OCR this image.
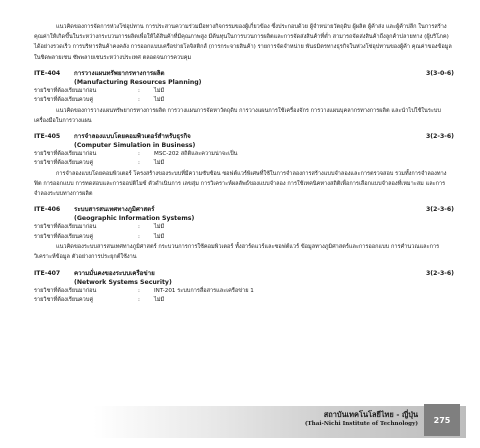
แนวคิดของการจัดการห่วงโซ่อุปทาน การประสานความร่วมมือทางกิจกรรมของผู้เกี่ยวข้อง ซึ่งประกอบด้วย ผู้จำหน่ายวัตถุดิบ ผู้ผลิต ผู้ค้าส่ง และผู้ค้าปลีก ในการสร้างคุณค่าให้เกิดขึ้นในระหว่างกระบวนการผลิตเพื่อให้ได้สินค้าที่มีคุณภาพสูง มีต้นทุนในการบวนการผลิตและการจัดส่งสินค้าที่ต่ำ สามารถจัดส่งสินค้าถึงลูกค้าปลายทาง (ผู้บริโภค) ได้อย่างรวดเร็ว การบริหารสินค้าคงคลัง การออกแบบเครือข่ายโลจิสติกส์ (การกระจายสินค้า) รายการจัดจำหน่าย พันธมิตรทางธุรกิจในห่วงโซ่อุปทานของผู้ค้า คุณค่าของข้อมูลในชิดพลายเชน ซัพพลายเชนระหว่างประเทศ ตลอดจนการควบคุม

ITE-404	การวางแผนทรัพยากรทางการผลิต	3(3-0-6)
(Manufacturing Resources Planning)
รายวิชาที่ต้องเรียนมาก่อน	:	ไม่มี
รายวิชาที่ต้องเรียนควบคู่	:	ไม่มี

แนวคิดของการวางแผนทรัพยากรทางการผลิต การวางแผนการจัดหาวัตถุดิบ การวางแผนการใช้เครื่องจักร การวางแผนบุคลากรทางการผลิต และนำไปใช้ในระบบเครื่องมือในการวางแผน

ITE-405	การจำลองแบบโดยคอมพิวเตอร์สำหรับธุรกิจ	3(2-3-6)
(Computer Simulation in Business)
รายวิชาที่ต้องเรียนมาก่อน	:	MSC-202 สถิติและความน่าจะเป็น
รายวิชาที่ต้องเรียนควบคู่	:	ไม่มี

การจำลองแบบโดยคอมพิวเตอร์ โครงสร้างของระบบที่มีความซับซ้อน ซอฟต์แวร์พิเศษที่ใช้ในการจำลองการสร้างแบบจำลองและการตรวจสอบ รวมทั้งการจำลองทางฟิต การออกแบบ การทดสอบและการออปติไมซ์ ตัวดำเนินการ เลขสุ่ม การวิเคราะห์ผลลัพธ์ของแบบจำลอง การใช้เทคนิคทางสถิติเพื่อการเลือกแบบจำลองที่เหมาะสม และการจำลองระบบทางการผลิต

ITE-406	ระบบสารสนเทศทางภูมิศาสตร์	3(2-3-6)
(Geographic Information Systems)
รายวิชาที่ต้องเรียนมาก่อน	:	ไม่มี
รายวิชาที่ต้องเรียนควบคู่	:	ไม่มี

แนวคิดของระบบสารสนเทศทางภูมิศาสตร์ กระบวนการการใช้คอมพิวเตอร์ ทั้งฮาร์ดแวร์และซอฟต์แวร์ ข้อมูลทางภูมิศาสตร์และการออกแบบ การคำนวณและการวิเคราะห์ข้อมูล ตัวอย่างการประยุกต์ใช้งาน

ITE-407	ความมั่นคงของระบบเครือข่าย	3(2-3-6)
(Network Systems Security)
รายวิชาที่ต้องเรียนมาก่อน	:	INT-201 ระบบการสื่อสารและเครือข่าย 1
รายวิชาที่ต้องเรียนควบคู่	:	ไม่มี
สถาบันเทคโนโลยีไทย - ญี่ปุ่น
(Thai-Nichi Institute of Technology)	275
